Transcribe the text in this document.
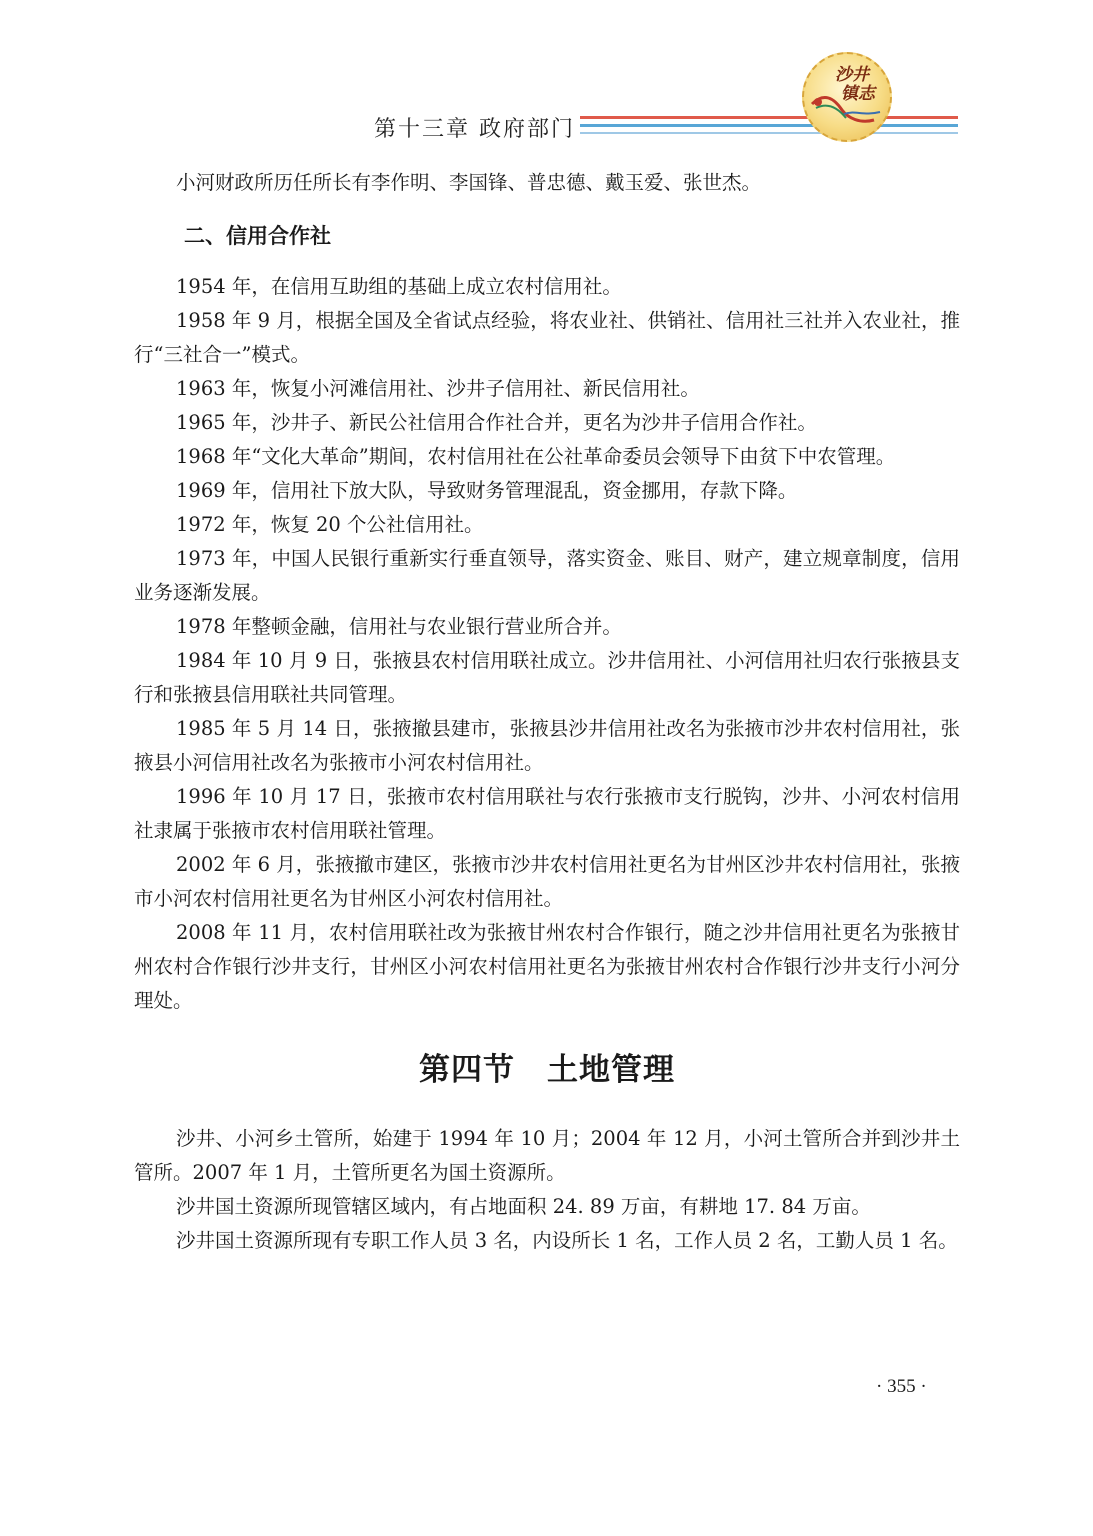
第十三章 政府部门
沙井
镇志

小河财政所历任所长有李作明、李国锋、普忠德、戴玉爱、张世杰。

二、信用合作社

1954 年，在信用互助组的基础上成立农村信用社。

1958 年 9 月，根据全国及全省试点经验，将农业社、供销社、信用社三社并入农业社，推行“三社合一”模式。

1963 年，恢复小河滩信用社、沙井子信用社、新民信用社。

1965 年，沙井子、新民公社信用合作社合并，更名为沙井子信用合作社。

1968 年“文化大革命”期间，农村信用社在公社革命委员会领导下由贫下中农管理。

1969 年，信用社下放大队，导致财务管理混乱，资金挪用，存款下降。

1972 年，恢复 20 个公社信用社。

1973 年，中国人民银行重新实行垂直领导，落实资金、账目、财产，建立规章制度，信用业务逐渐发展。

1978 年整顿金融，信用社与农业银行营业所合并。

1984 年 10 月 9 日，张掖县农村信用联社成立。沙井信用社、小河信用社归农行张掖县支行和张掖县信用联社共同管理。

1985 年 5 月 14 日，张掖撤县建市，张掖县沙井信用社改名为张掖市沙井农村信用社，张掖县小河信用社改名为张掖市小河农村信用社。

1996 年 10 月 17 日，张掖市农村信用联社与农行张掖市支行脱钩，沙井、小河农村信用社隶属于张掖市农村信用联社管理。

2002 年 6 月，张掖撤市建区，张掖市沙井农村信用社更名为甘州区沙井农村信用社，张掖市小河农村信用社更名为甘州区小河农村信用社。

2008 年 11 月，农村信用联社改为张掖甘州农村合作银行，随之沙井信用社更名为张掖甘州农村合作银行沙井支行，甘州区小河农村信用社更名为张掖甘州农村合作银行沙井支行小河分理处。

第四节　土地管理

沙井、小河乡土管所，始建于 1994 年 10 月；2004 年 12 月，小河土管所合并到沙井土管所。2007 年 1 月，土管所更名为国土资源所。

沙井国土资源所现管辖区域内，有占地面积 24. 89 万亩，有耕地 17. 84 万亩。

沙井国土资源所现有专职工作人员 3 名，内设所长 1 名，工作人员 2 名，工勤人员 1 名。

· 355 ·
